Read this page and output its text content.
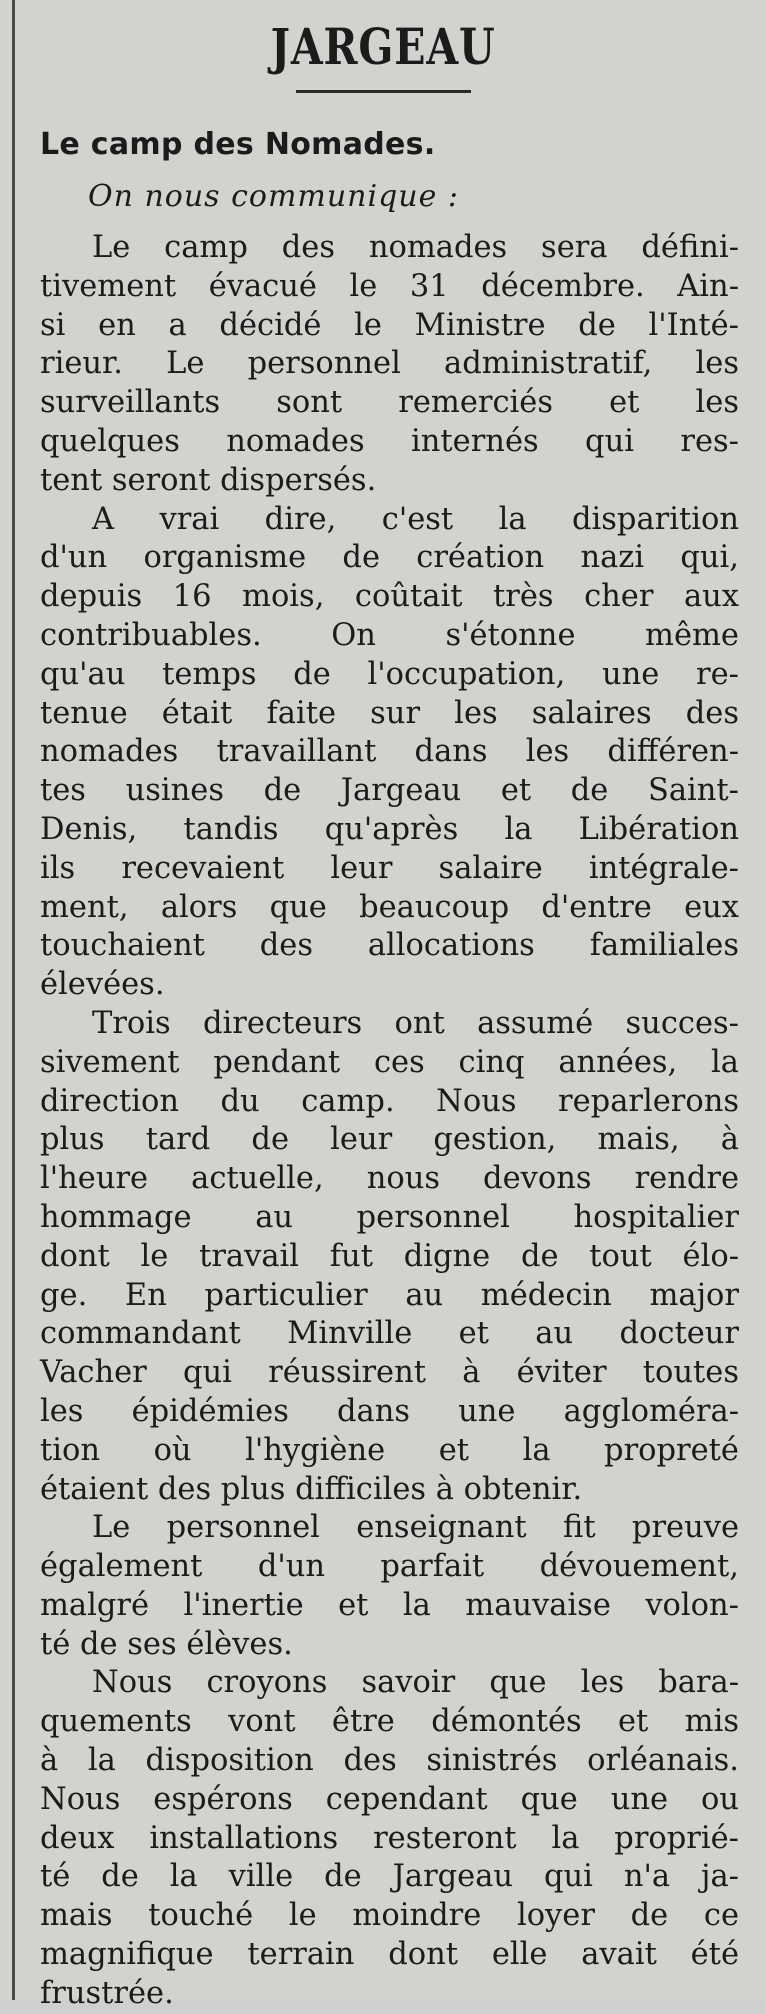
JARGEAU
Le camp des Nomades.
On nous communique :

Le camp des nomades sera défini-
tivement évacué le 31 décembre. Ain-
si en a décidé le Ministre de l'Inté-
rieur. Le personnel administratif, les
surveillants sont remerciés et les
quelques nomades internés qui res-
tent seront dispersés.

A vrai dire, c'est la disparition
d'un organisme de création nazi qui,
depuis 16 mois, coûtait très cher aux
contribuables. On s'étonne même
qu'au temps de l'occupation, une re-
tenue était faite sur les salaires des
nomades travaillant dans les différen-
tes usines de Jargeau et de Saint-
Denis, tandis qu'après la Libération
ils recevaient leur salaire intégrale-
ment, alors que beaucoup d'entre eux
touchaient des allocations familiales
élevées.

Trois directeurs ont assumé succes-
sivement pendant ces cinq années, la
direction du camp. Nous reparlerons
plus tard de leur gestion, mais, à
l'heure actuelle, nous devons rendre
hommage au personnel hospitalier
dont le travail fut digne de tout élo-
ge. En particulier au médecin major
commandant Minville et au docteur
Vacher qui réussirent à éviter toutes
les épidémies dans une aggloméra-
tion où l'hygiène et la propreté
étaient des plus difficiles à obtenir.

Le personnel enseignant fit preuve
également d'un parfait dévouement,
malgré l'inertie et la mauvaise volon-
té de ses élèves.

Nous croyons savoir que les bara-
quements vont être démontés et mis
à la disposition des sinistrés orléanais.
Nous espérons cependant que une ou
deux installations resteront la proprié-
té de la ville de Jargeau qui n'a ja-
mais touché le moindre loyer de ce
magnifique terrain dont elle avait été
frustrée.
